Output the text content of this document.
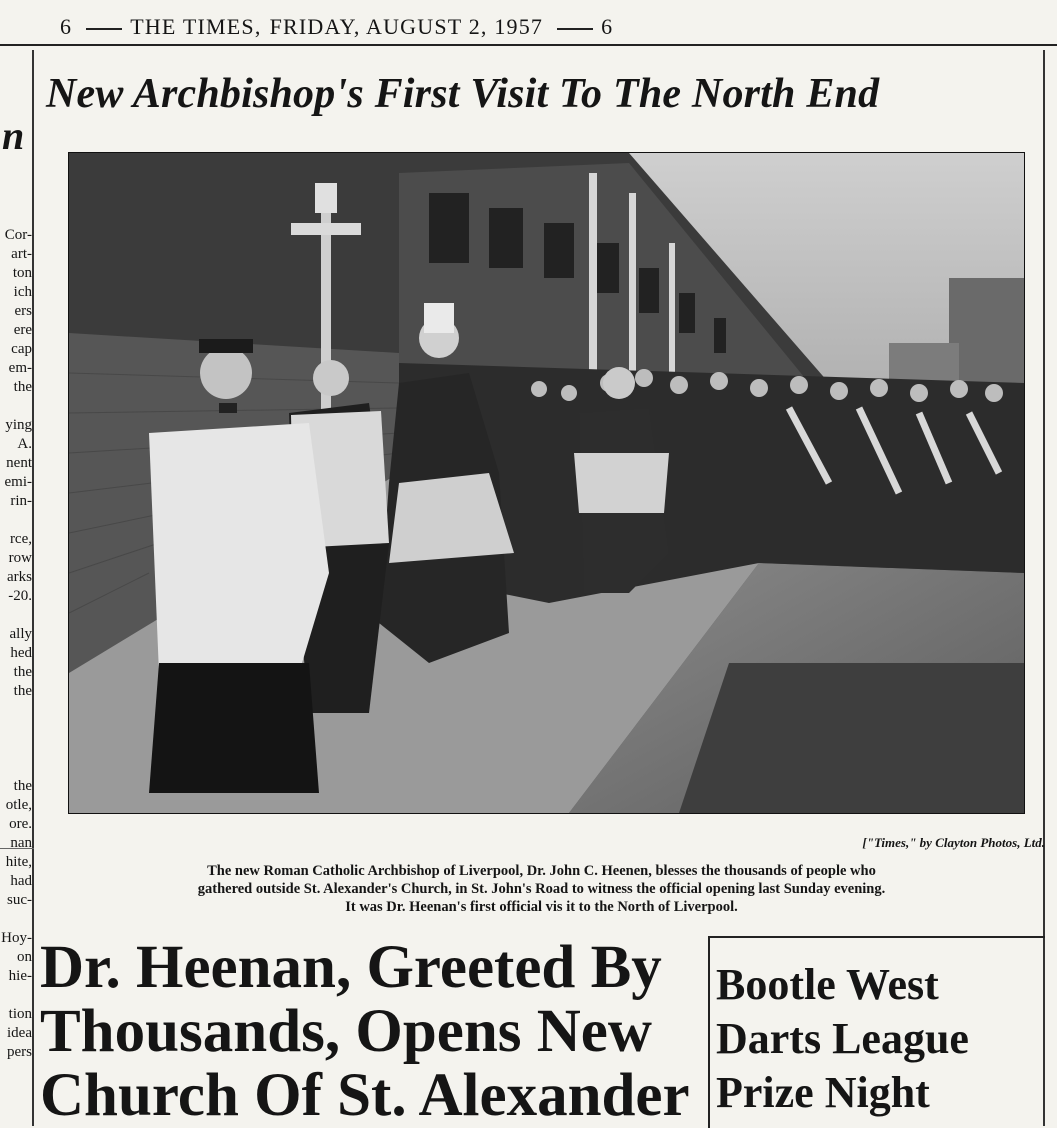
6	THE TIMES, FRIDAY, AUGUST 2, 1957	6
n
Cor-
art-
ton
ich
ers
ere
cap
em-
the

ying
A.
nent
emi-
rin-

rce,
row
arks
-20.

ally
hed
the
the

the
otle,
ore.
nan
hite,
had
suc-

Hoy-
on
hie-

tion
idea
pers
New Archbishop's First Visit To The North End
["Times," by Clayton Photos, Ltd.
The new Roman Catholic Archbishop of Liverpool, Dr. John C. Heenen, blesses the thousands of people who
gathered outside St. Alexander's Church, in St. John's Road to witness the official opening last Sunday evening.
It was Dr. Heenan's first official vis it to the North of Liverpool.
Dr. Heenan, Greeted By
Thousands, Opens New
Church Of St. Alexander
Bootle West
Darts League
Prize Night
